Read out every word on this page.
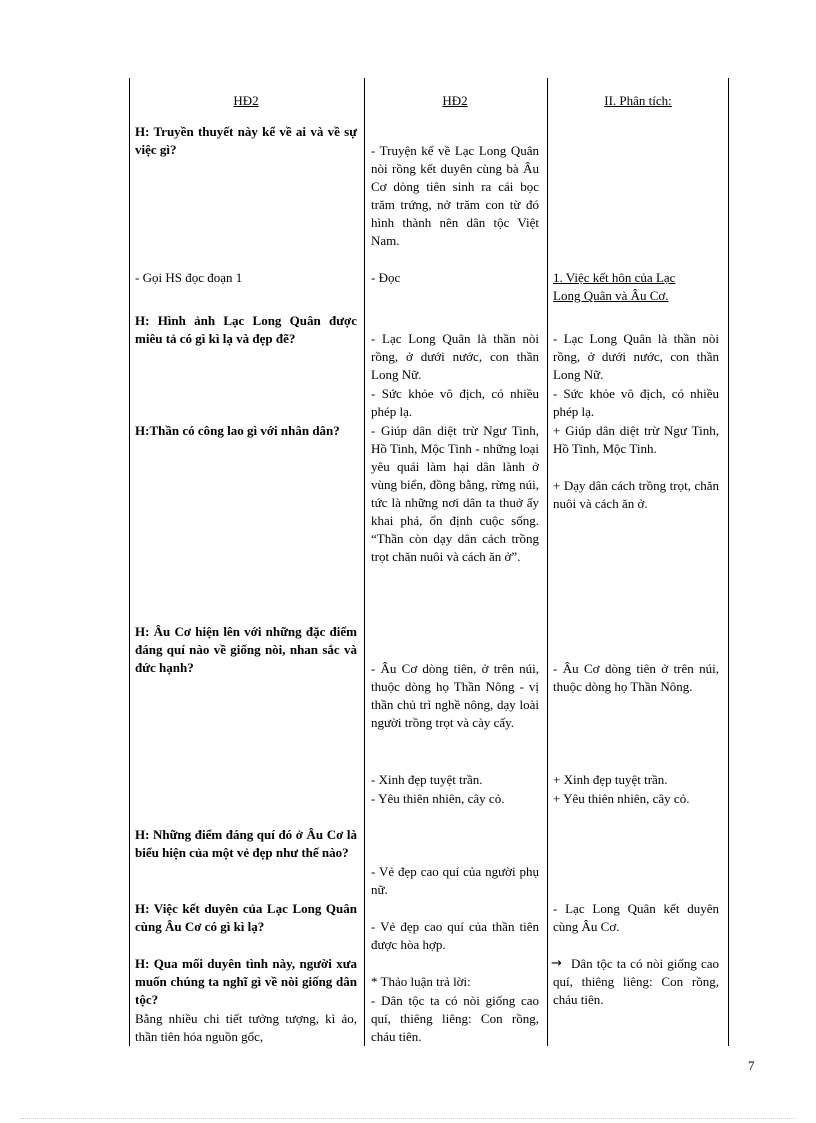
HĐ2	HĐ2	II. Phân tích:
H: Truyền thuyết này kể về ai và về sự việc gì?
- Gọi HS đọc đoạn 1
H: Hình ảnh Lạc Long Quân được miêu tả có gì kì lạ và đẹp đẽ?
H:Thần có công lao gì với nhân dân?
H: Âu Cơ hiện lên với những đặc điểm đáng quí nào về giống nòi, nhan sắc và đức hạnh?
H: Những điểm đáng quí đó ở Âu Cơ là biểu hiện của một vẻ đẹp như thế nào?
H: Việc kết duyên của Lạc Long Quân cùng Âu Cơ có gì kì lạ?
H: Qua mối duyên tình này, người xưa muốn chúng ta nghĩ gì về nòi giống dân tộc?
Bằng nhiều chi tiết tưởng tượng, kì ảo, thần tiên hóa nguồn gốc,
- Truyện kể về Lạc Long Quân nòi rồng kết duyên cùng bà Âu Cơ dòng tiên sinh ra cái bọc trăm trứng, nở trăm con từ đó hình thành nên dân tộc Việt Nam.
- Đọc
- Lạc Long Quân là thần nòi rồng, ở dưới nước, con thần Long Nữ.
- Sức khỏe vô địch, có nhiều phép lạ.
- Giúp dân diệt trừ Ngư Tinh, Hồ Tinh, Mộc Tinh - những loại yêu quái làm hại dân lành ở vùng biển, đồng bằng, rừng núi, tức là những nơi dân ta thuở ấy khai phá, ổn định cuộc sống. “Thần còn dạy dân cách trồng trọt chăn nuôi và cách ăn ở”.
- Âu Cơ dòng tiên, ở trên núi, thuộc dòng họ Thần Nông - vị thần chủ trì nghề nông, dạy loài người trồng trọt và cày cấy.
- Xinh đẹp tuyệt trần.
- Yêu thiên nhiên, cây cỏ.
- Vẻ đẹp cao quí của người phụ nữ.
- Vẻ đẹp cao quí của thần tiên được hòa hợp.
* Thảo luận trả lời:
- Dân tộc ta có nòi giống cao quí, thiêng liêng: Con rồng, cháu tiên.
1. Việc kết hôn của Lạc
Long Quân và Âu Cơ.
- Lạc Long Quân là thần nòi rồng, ở dưới nước, con thần Long Nữ.
- Sức khỏe vô địch, có nhiều phép lạ.
+ Giúp dân diệt trừ Ngư Tinh, Hồ Tinh, Mộc Tinh.
+ Dạy dân cách trồng trọt, chăn nuôi và cách ăn ở.
- Âu Cơ dòng tiên ở trên núi, thuộc dòng họ Thần Nông.
+ Xinh đẹp tuyệt trần.
+ Yêu thiên nhiên, cây cỏ.
- Lạc Long Quân kết duyên cùng Âu Cơ.
→ Dân tộc ta có nòi giống cao quí, thiêng liêng: Con rồng, cháu tiên.
7
